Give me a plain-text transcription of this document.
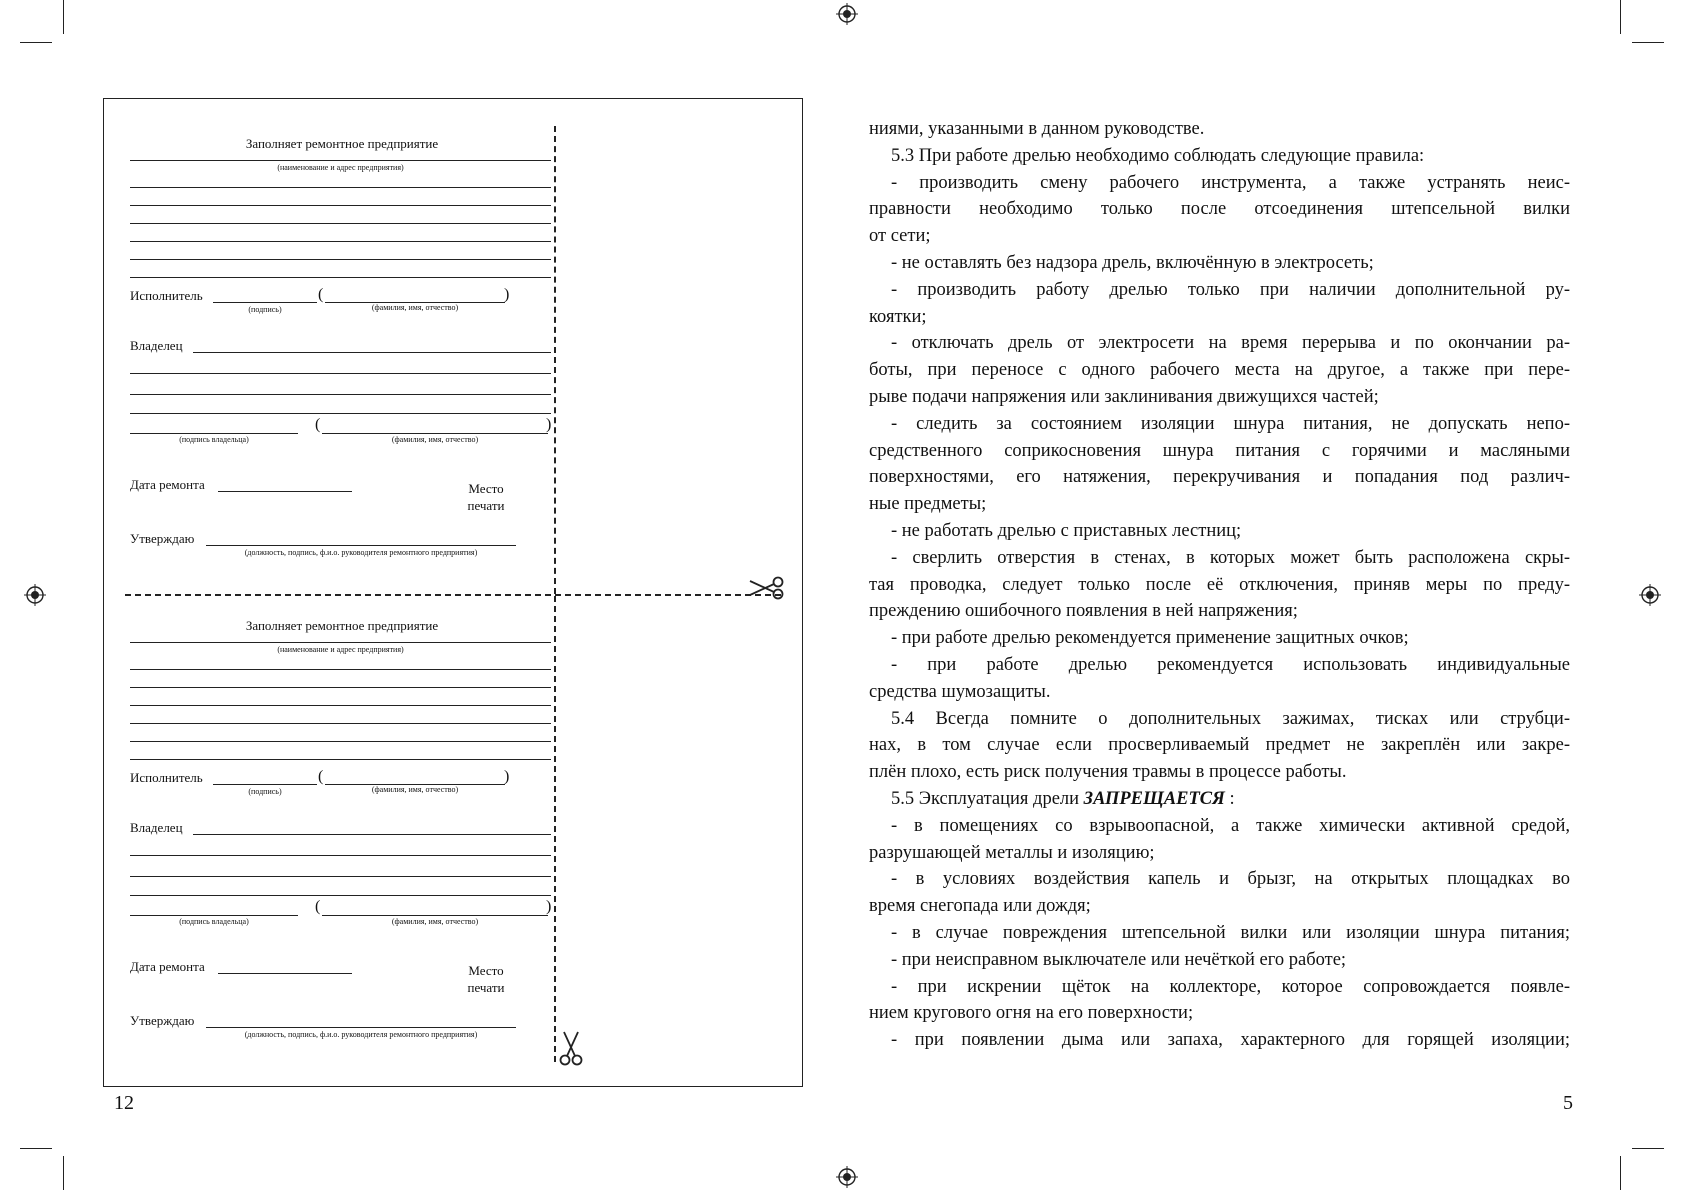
Заполняет ремонтное предприятие
(наименование и адрес предприятия)
Исполнитель	(	)
(подпись)	(фамилия, имя, отчество)
Владелец
(	)
(подпись владельца)	(фамилия, имя, отчество)
Дата ремонта	Место
печати
Утверждаю
(должность, подпись, ф.и.о. руководителя ремонтного предприятия)
Заполняет ремонтное предприятие
(наименование и адрес предприятия)
Исполнитель	(	)
(подпись)	(фамилия, имя, отчество)
Владелец
(	)
(подпись владельца)	(фамилия, имя, отчество)
Дата ремонта	Место
печати
Утверждаю
(должность, подпись, ф.и.о. руководителя ремонтного предприятия)
12

ниями, указанными в данном руководстве.

5.3 При работе дрелью необходимо соблюдать следующие правила:

- производить смену рабочего инструмента, а также устранять неис-

правности необходимо только после отсоединения штепсельной вилки

от сети;

- не оставлять без надзора дрель, включённую в электросеть;

- производить работу дрелью только при наличии дополнительной ру-

коятки;

- отключать дрель от электросети на время перерыва и по окончании ра-

боты, при переносе с одного рабочего места на другое, а также при пере-

рыве подачи напряжения или заклинивания движущихся частей;

- следить за состоянием изоляции шнура питания, не допускать непо-

средственного соприкосновения шнура питания с горячими и масляными

поверхностями, его натяжения, перекручивания и попадания под различ-

ные предметы;

- не работать дрелью с приставных лестниц;

- сверлить отверстия в стенах, в которых может быть расположена скры-

тая проводка, следует только после её отключения, приняв меры по преду-

преждению ошибочного появления в ней напряжения;

- при работе дрелью рекомендуется применение защитных очков;

- при работе дрелью рекомендуется использовать индивидуальные

средства шумозащиты.

5.4 Всегда помните о дополнительных зажимах, тисках или струбци-

нах, в том случае если просверливаемый предмет не закреплён или закре-

плён плохо, есть риск получения травмы в процессе работы.

5.5 Эксплуатация дрели ЗАПРЕЩАЕТСЯ :

- в помещениях со взрывоопасной, а также химически активной средой,

разрушающей металлы и изоляцию;

- в условиях воздействия капель и брызг, на открытых площадках во

время снегопада или дождя;

- в случае повреждения штепсельной вилки или изоляции шнура питания;

- при неисправном выключателе или нечёткой его работе;

- при искрении щёток на коллекторе, которое сопровождается появле-

нием кругового огня на его поверхности;

- при появлении дыма или запаха, характерного для горящей изоляции;

5
